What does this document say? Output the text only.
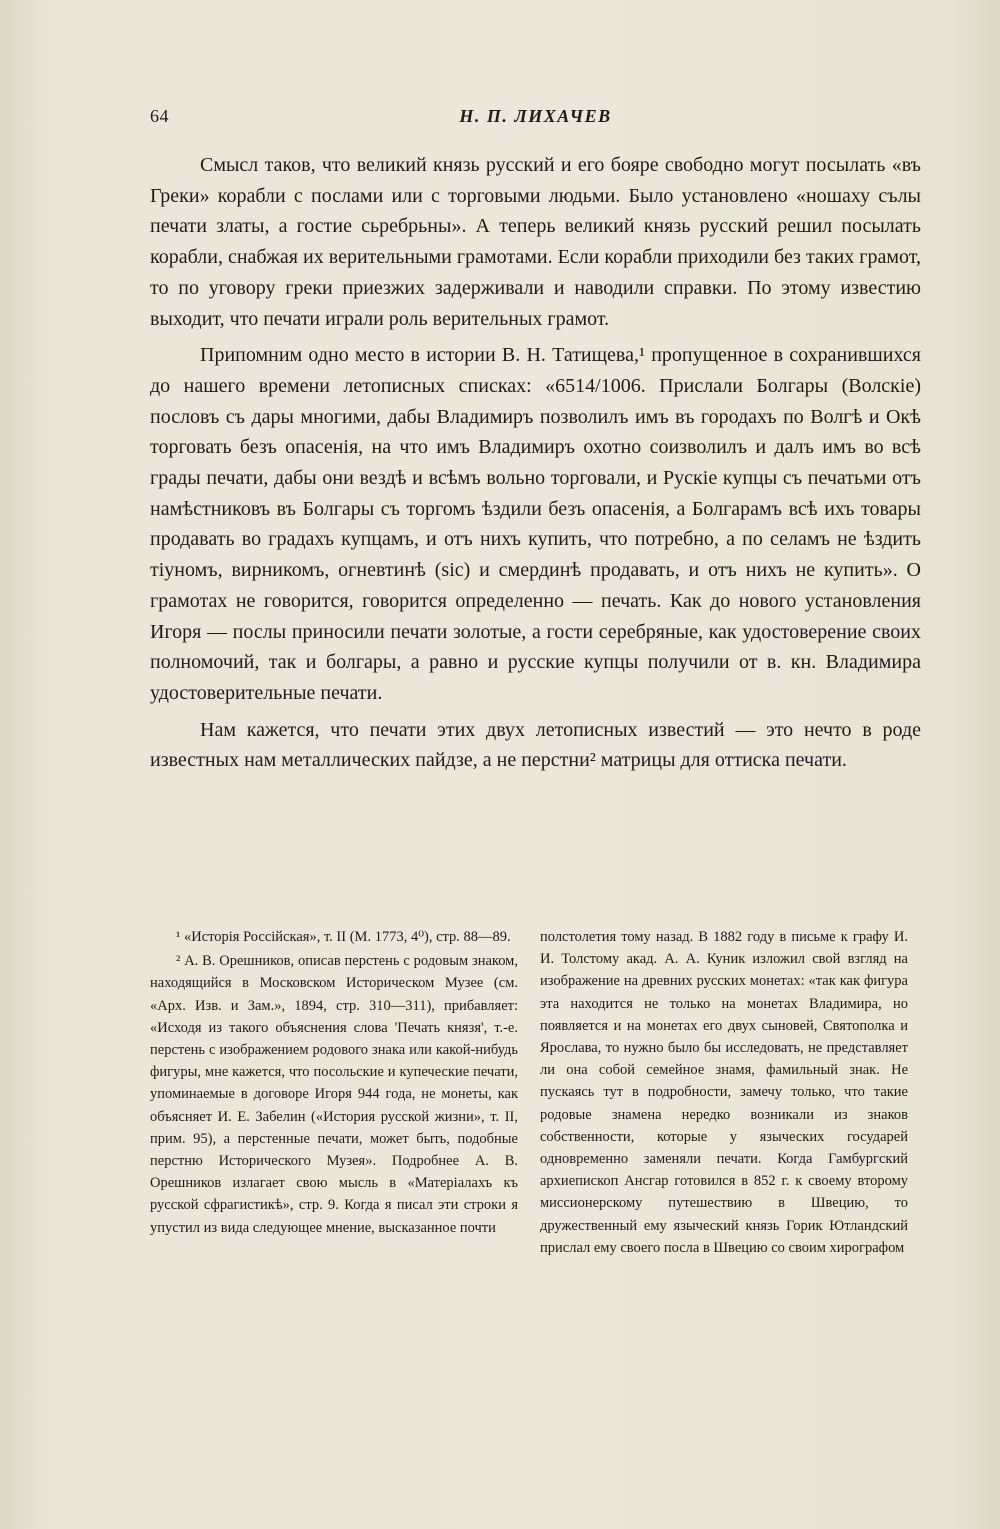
64	Н. П. ЛИХАЧЕВ

Смысл таков, что великий князь русский и его бояре свободно могут посылать «въ Греки» корабли с послами или с торговыми людьми. Было установлено «ношаху сълы печати златы, а гостие сьребрьны». А теперь великий князь русский решил посылать корабли, снабжая их верительными грамотами. Если корабли приходили без таких грамот, то по уговору греки приезжих задерживали и наводили справки. По этому известию выходит, что печати играли роль верительных грамот.

Припомним одно место в истории В. Н. Татищева,¹ пропущенное в сохранившихся до нашего времени летописных списках: «6514/1006. Прислали Болгары (Волскіе) пословъ съ дары многими, дабы Владимиръ позволилъ имъ въ городахъ по Волгѣ и Окѣ торговать безъ опасенія, на что имъ Владимиръ охотно соизволилъ и далъ имъ во всѣ грады печати, дабы они вездѣ и всѣмъ вольно торговали, и Рускіе купцы съ печатьми отъ намѣстниковъ въ Болгары съ торгомъ ѣздили безъ опасенія, а Болгарамъ всѣ ихъ товары продавать во градахъ купцамъ, и отъ нихъ купить, что потребно, а по селамъ не ѣздить тіуномъ, вирникомъ, огневтинѣ (sic) и смердинѣ продавать, и отъ нихъ не купить». О грамотах не говорится, говорится определенно — печать. Как до нового установления Игоря — послы приносили печати золотые, а гости серебряные, как удостоверение своих полномочий, так и болгары, а равно и русские купцы получили от в. кн. Владимира удостоверительные печати.

Нам кажется, что печати этих двух летописных известий — это нечто в роде известных нам металлических пайдзе, а не перстни² матрицы для оттиска печати.

¹ «Исторія Россійская», т. II (М. 1773, 4⁰), стр. 88—89.

² А. В. Орешников, описав перстень с родовым знаком, находящийся в Московском Историческом Музее (см. «Арх. Изв. и Зам.», 1894, стр. 310—311), прибавляет: «Исходя из такого объяснения слова 'Печать князя', т.-е. перстень с изображением родового знака или какой-нибудь фигуры, мне кажется, что посольские и купеческие печати, упоминаемые в договоре Игоря 944 года, не монеты, как объясняет И. Е. Забелин («История русской жизни», т. II, прим. 95), а перстенные печати, может быть, подобные перстню Исторического Музея». Подробнее А. В. Орешников излагает свою мысль в «Матеріалахъ къ русской сфрагистикѣ», стр. 9. Когда я писал эти строки я упустил из вида следующее мнение, высказанное почти

полстолетия тому назад. В 1882 году в письме к графу И. И. Толстому акад. А. А. Куник изложил свой взгляд на изображение на древних русских монетах: «так как фигура эта находится не только на монетах Владимира, но появляется и на монетах его двух сыновей, Святополка и Ярослава, то нужно было бы исследовать, не представляет ли она собой семейное знамя, фамильный знак. Не пускаясь тут в подробности, замечу только, что такие родовые знамена нередко возникали из знаков собственности, которые у языческих государей одновременно заменяли печати. Когда Гамбургский архиепископ Ансгар готовился в 852 г. к своему второму миссионерскому путешествию в Швецию, то дружественный ему языческий князь Горик Ютландский прислал ему своего посла в Швецию со своим хирографом
